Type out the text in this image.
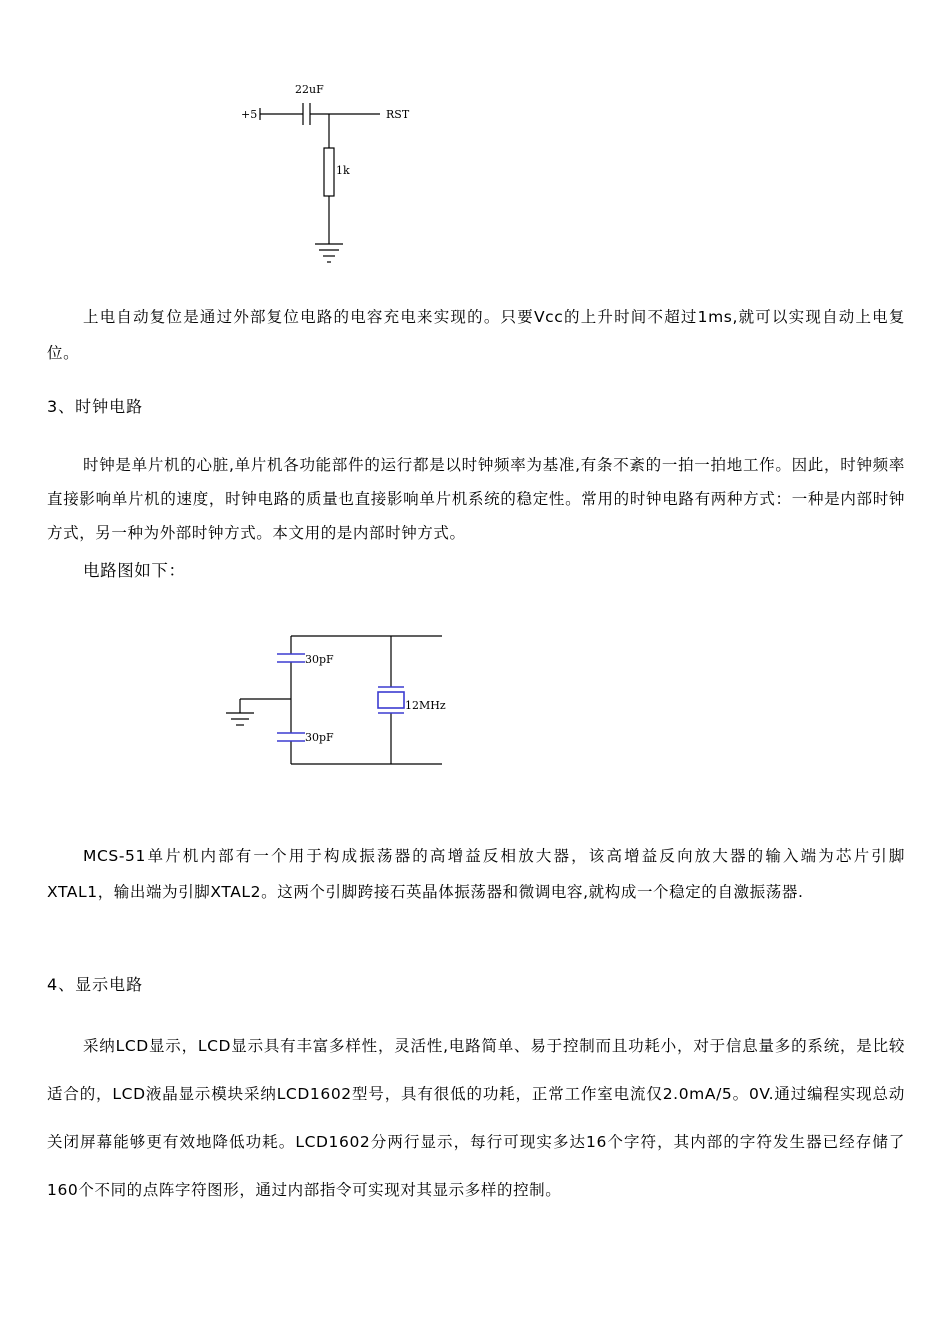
+5
22uF
RST
1k

上电自动复位是通过外部复位电路的电容充电来实现的。只要Vcc的上升时间不超过1ms,就可以实现自动上电复位。

3、时钟电路

时钟是单片机的心脏,单片机各功能部件的运行都是以时钟频率为基准,有条不紊的一拍一拍地工作。因此，时钟频率直接影响单片机的速度，时钟电路的质量也直接影响单片机系统的稳定性。常用的时钟电路有两种方式：一种是内部时钟方式，另一种为外部时钟方式。本文用的是内部时钟方式。

电路图如下：

30pF
30pF
12MHz

MCS-51单片机内部有一个用于构成振荡器的高增益反相放大器，该高增益反向放大器的输入端为芯片引脚XTAL1，输出端为引脚XTAL2。这两个引脚跨接石英晶体振荡器和微调电容,就构成一个稳定的自激振荡器.

4、显示电路

采纳LCD显示，LCD显示具有丰富多样性，灵活性,电路简单、易于控制而且功耗小，对于信息量多的系统，是比较适合的，LCD液晶显示模块采纳LCD1602型号，具有很低的功耗，正常工作室电流仅2.0mA/5。0V.通过编程实现总动关闭屏幕能够更有效地降低功耗。LCD1602分两行显示，每行可现实多达16个字符，其内部的字符发生器已经存储了160个不同的点阵字符图形，通过内部指令可实现对其显示多样的控制。
